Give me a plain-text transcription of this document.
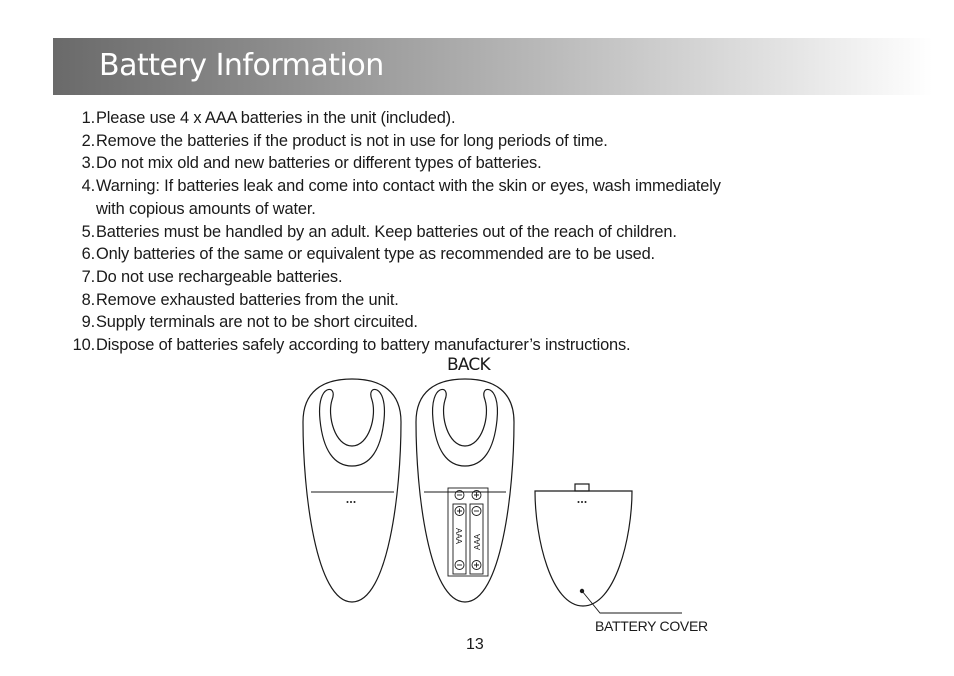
Battery Information
1. Please use 4 x AAA batteries in the unit (included).
2. Remove the batteries if the product is not in use for long periods of time.
3. Do not mix old and new batteries or different types of batteries.
4. Warning: If batteries leak and come into contact with the skin or eyes, wash immediately
with copious amounts of water.
5. Batteries must be handled by an adult. Keep batteries out of the reach of children.
6. Only batteries of the same or equivalent type as recommended are to be used.
7. Do not use rechargeable batteries.
8. Remove exhausted batteries from the unit.
9. Supply terminals are not to be short circuited.
10. Dispose of batteries safely according to battery manufacturer’s instructions.
BACK
AAA AAA
BATTERY COVER
13
